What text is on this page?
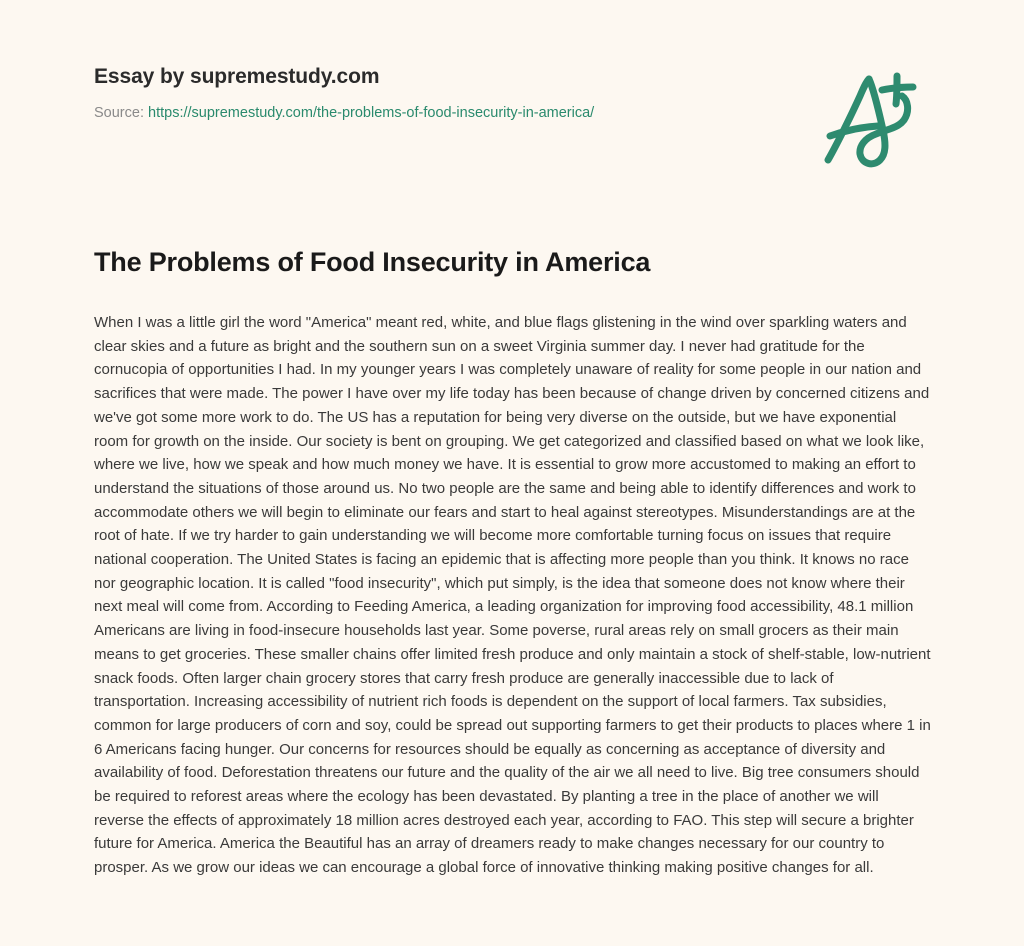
Essay by supremestudy.com
Source: https://supremestudy.com/the-problems-of-food-insecurity-in-america/
The Problems of Food Insecurity in America

When I was a little girl the word "America" meant red, white, and blue flags glistening in the wind over sparkling waters and clear skies and a future as bright and the southern sun on a sweet Virginia summer day. I never had gratitude for the cornucopia of opportunities I had. In my younger years I was completely unaware of reality for some people in our nation and sacrifices that were made. The power I have over my life today has been because of change driven by concerned citizens and we've got some more work to do. The US has a reputation for being very diverse on the outside, but we have exponential room for growth on the inside. Our society is bent on grouping. We get categorized and classified based on what we look like, where we live, how we speak and how much money we have. It is essential to grow more accustomed to making an effort to understand the situations of those around us. No two people are the same and being able to identify differences and work to accommodate others we will begin to eliminate our fears and start to heal against stereotypes. Misunderstandings are at the root of hate. If we try harder to gain understanding we will become more comfortable turning focus on issues that require national cooperation. The United States is facing an epidemic that is affecting more people than you think. It knows no race nor geographic location. It is called "food insecurity", which put simply, is the idea that someone does not know where their next meal will come from. According to Feeding America, a leading organization for improving food accessibility, 48.1 million Americans are living in food-insecure households last year. Some poverse, rural areas rely on small grocers as their main means to get groceries. These smaller chains offer limited fresh produce and only maintain a stock of shelf-stable, low-nutrient snack foods. Often larger chain grocery stores that carry fresh produce are generally inaccessible due to lack of transportation. Increasing accessibility of nutrient rich foods is dependent on the support of local farmers. Tax subsidies, common for large producers of corn and soy, could be spread out supporting farmers to get their products to places where 1 in 6 Americans facing hunger. Our concerns for resources should be equally as concerning as acceptance of diversity and availability of food. Deforestation threatens our future and the quality of the air we all need to live. Big tree consumers should be required to reforest areas where the ecology has been devastated. By planting a tree in the place of another we will reverse the effects of approximately 18 million acres destroyed each year, according to FAO. This step will secure a brighter future for America. America the Beautiful has an array of dreamers ready to make changes necessary for our country to prosper. As we grow our ideas we can encourage a global force of innovative thinking making positive changes for all.
